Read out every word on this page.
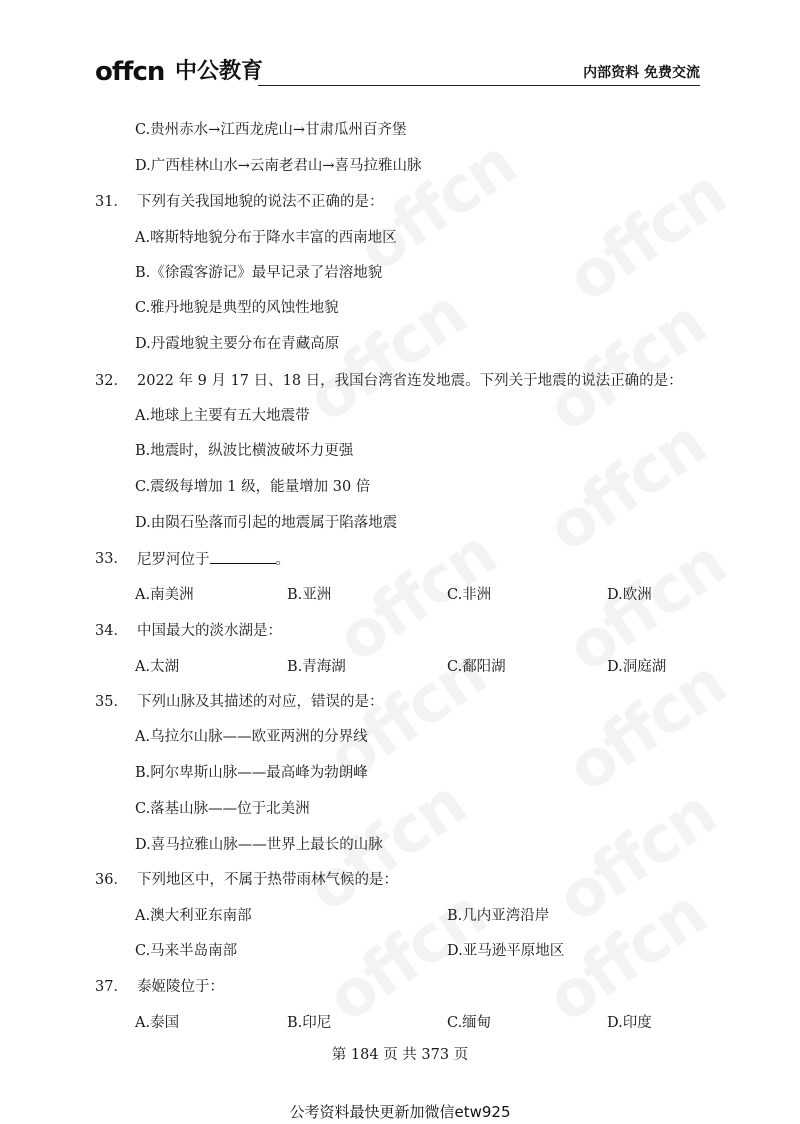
offcn 中公教育	内部资料 免费交流
C.贵州赤水→江西龙虎山→甘肃瓜州百齐堡
D.广西桂林山水→云南老君山→喜马拉雅山脉
31． 下列有关我国地貌的说法不正确的是：
A.喀斯特地貌分布于降水丰富的西南地区
B.《徐霞客游记》最早记录了岩溶地貌
C.雅丹地貌是典型的风蚀性地貌
D.丹霞地貌主要分布在青藏高原
32． 2022 年 9 月 17 日、18 日，我国台湾省连发地震。下列关于地震的说法正确的是：
A.地球上主要有五大地震带
B.地震时，纵波比横波破坏力更强
C.震级每增加 1 级，能量增加 30 倍
D.由陨石坠落而引起的地震属于陷落地震
33． 尼罗河位于	。
A.南美洲	B.亚洲	C.非洲	D.欧洲
34． 中国最大的淡水湖是：
A.太湖	B.青海湖	C.鄱阳湖	D.洞庭湖
35． 下列山脉及其描述的对应，错误的是：
A.乌拉尔山脉——欧亚两洲的分界线
B.阿尔卑斯山脉——最高峰为勃朗峰
C.落基山脉——位于北美洲
D.喜马拉雅山脉——世界上最长的山脉
36． 下列地区中，不属于热带雨林气候的是：
A.澳大利亚东南部	B.几内亚湾沿岸
C.马来半岛南部	D.亚马逊平原地区
37． 泰姬陵位于：
A.泰国	B.印尼	C.缅甸	D.印度
第 184 页 共 373 页
公考资料最快更新加微信etw925
